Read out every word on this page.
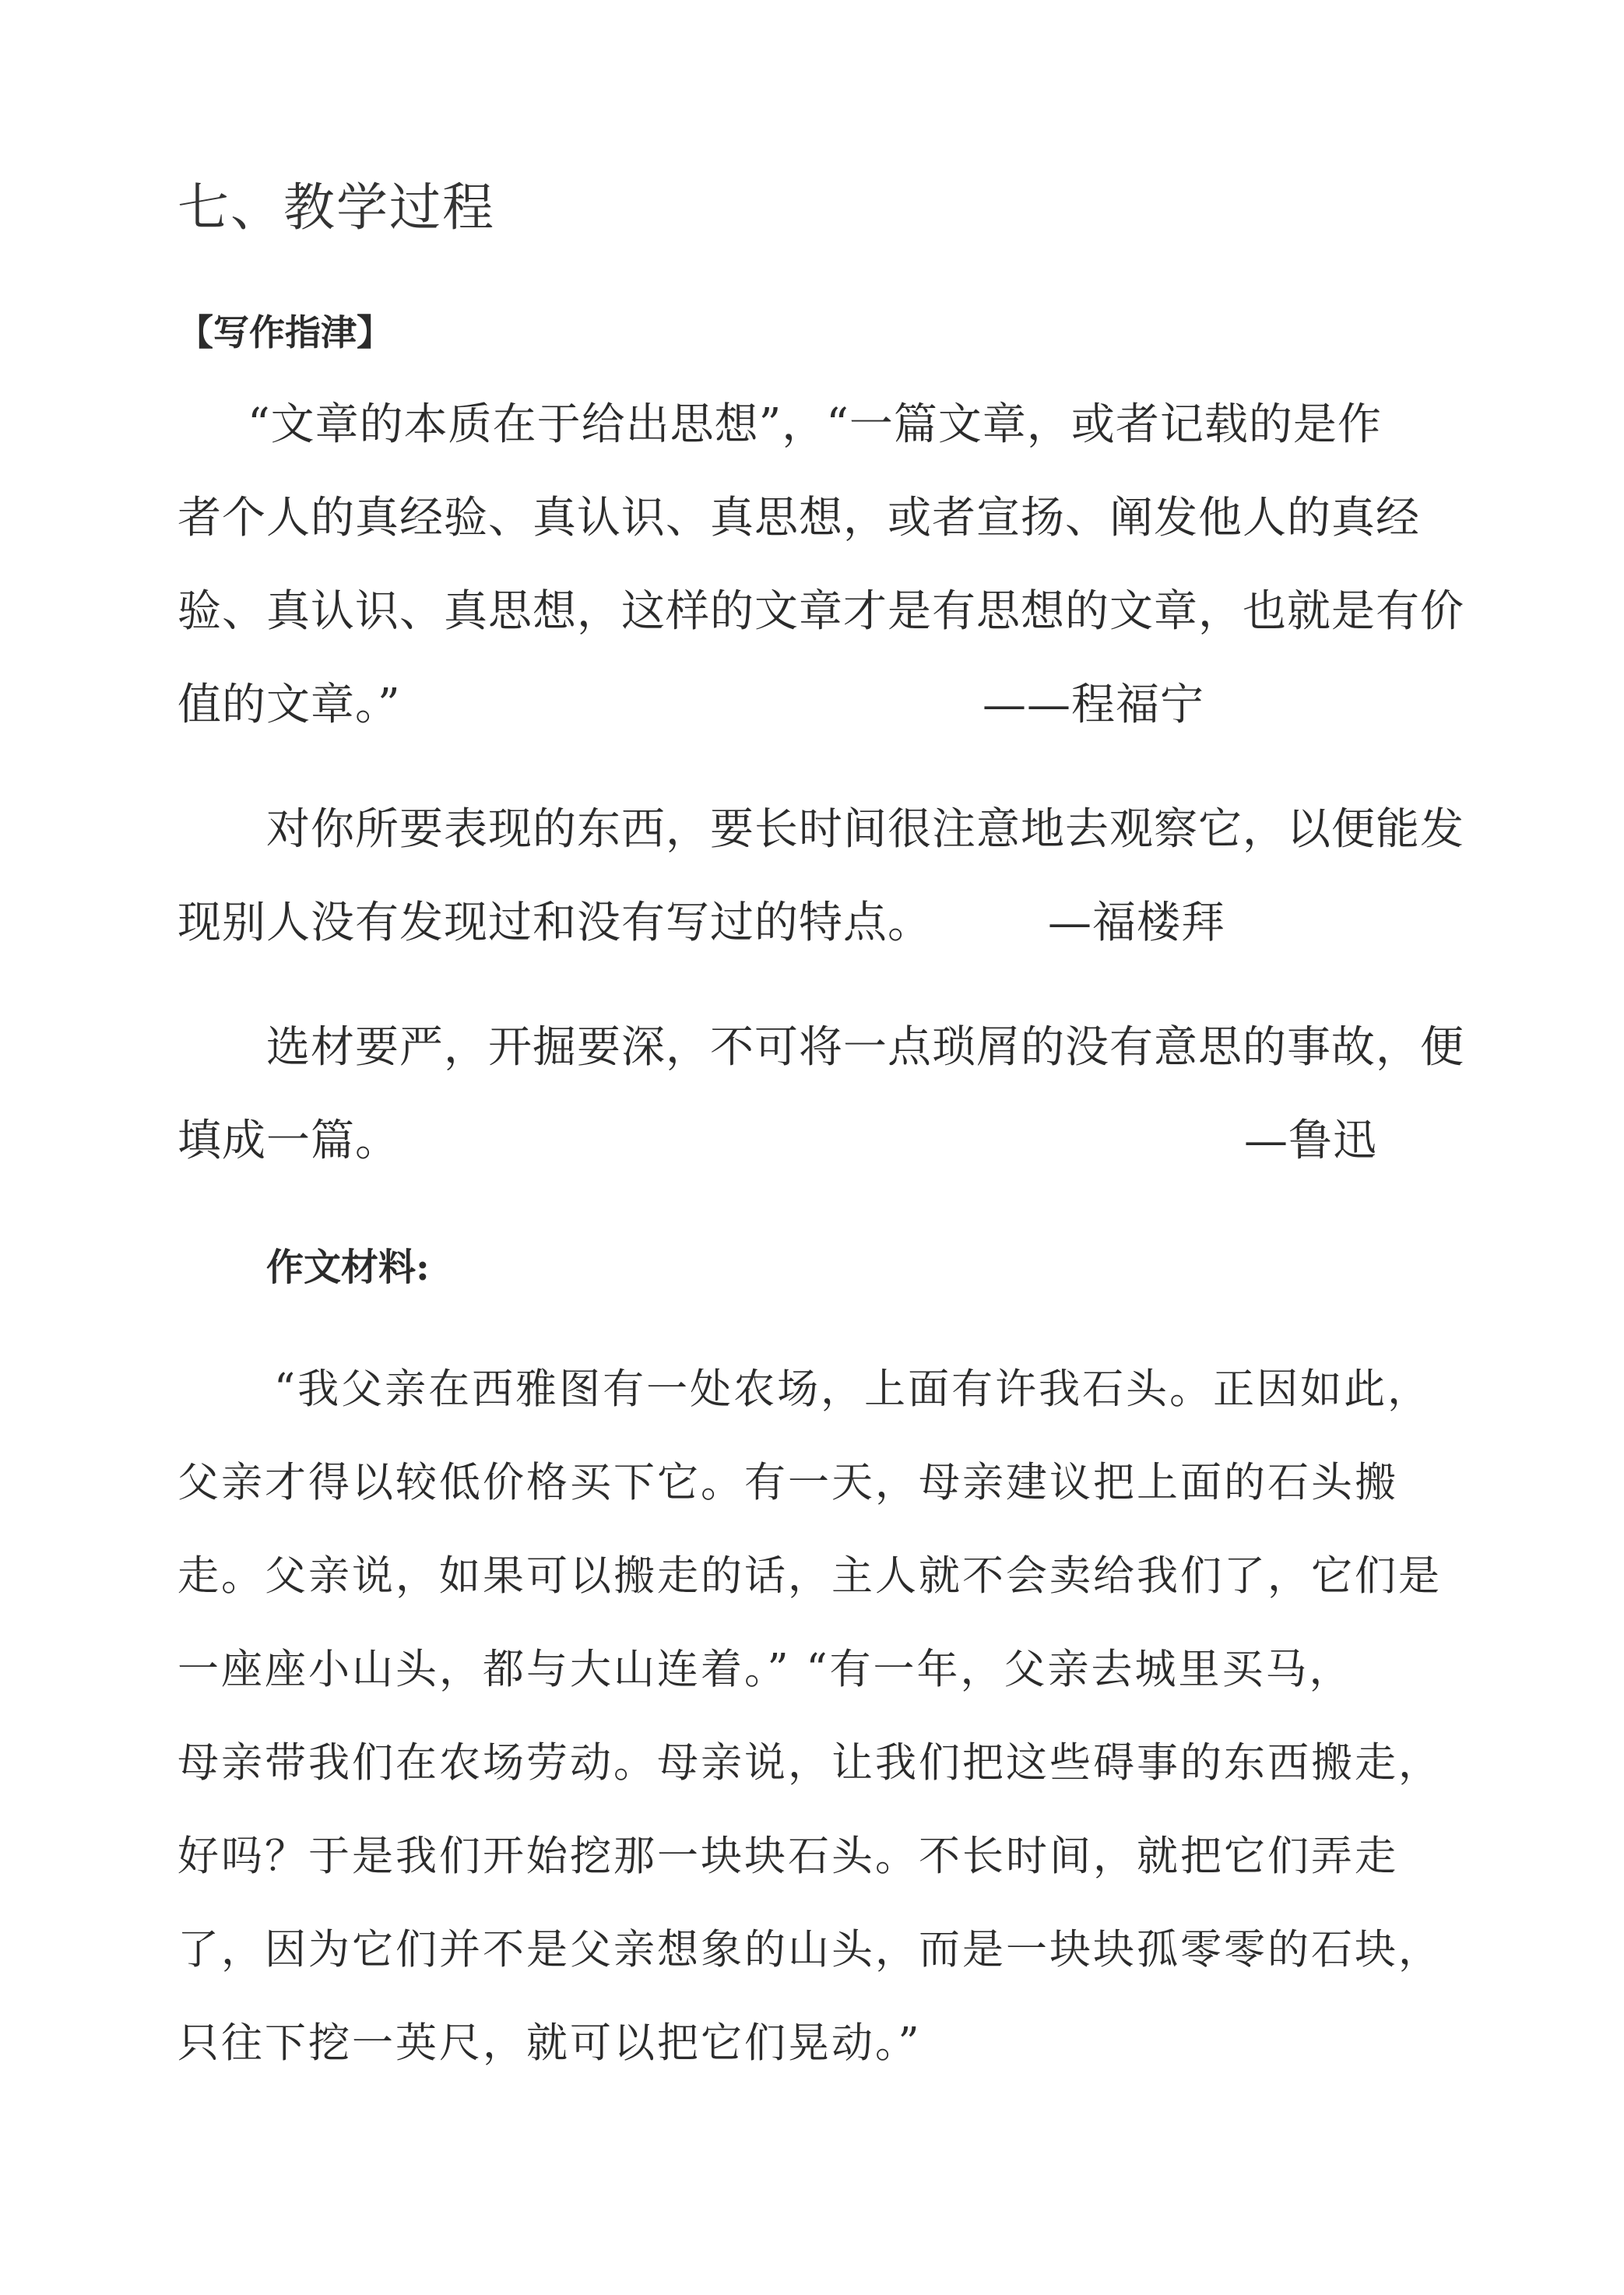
七、教学过程
【写作指津】
“文章的本质在于给出思想”，“一篇文章，或者记载的是作
者个人的真经验、真认识、真思想，或者宣扬、阐发他人的真经
验、真认识、真思想，这样的文章才是有思想的文章，也就是有价
值的文章。”	——程福宁
对你所要表现的东西，要长时间很注意地去观察它，以便能发
现别人没有发现过和没有写过的特点。	—福楼拜
选材要严，开掘要深，不可将一点琐屑的没有意思的事故，便
填成一篇。	—鲁迅
作文材料:
“我父亲在西雅图有一处农场，上面有许我石头。正因如此，
父亲才得以较低价格买下它。有一天，母亲建议把上面的石头搬
走。父亲说，如果可以搬走的话，主人就不会卖给我们了，它们是
一座座小山头，都与大山连着。” “有一年，父亲去城里买马，
母亲带我们在农场劳动。母亲说，让我们把这些碍事的东西搬走，
好吗？于是我们开始挖那一块块石头。不长时间，就把它们弄走
了，因为它们并不是父亲想象的山头，而是一块块孤零零的石块，
只往下挖一英尺，就可以把它们晃动。”
